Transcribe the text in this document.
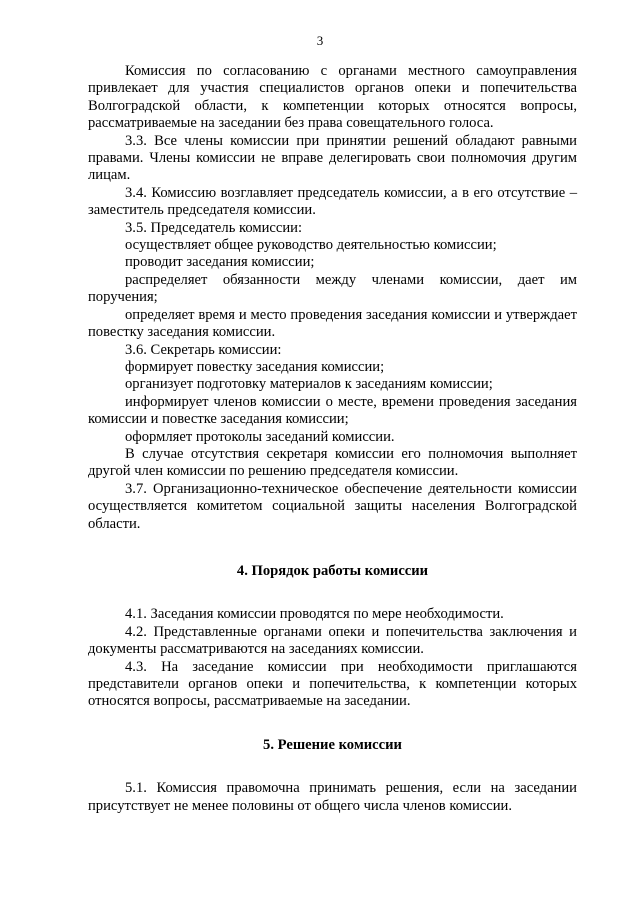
3

Комиссия по согласованию с органами местного самоуправления привлекает для участия специалистов органов опеки и попечительства Волгоградской области, к компетенции которых относятся вопросы, рассматриваемые на заседании без права совещательного голоса.

3.3. Все члены комиссии при принятии решений обладают равными правами. Члены комиссии не вправе делегировать свои полномочия другим лицам.

3.4. Комиссию возглавляет председатель комиссии, а в его отсутствие – заместитель председателя комиссии.

3.5. Председатель комиссии:

осуществляет общее руководство деятельностью комиссии;

проводит заседания комиссии;

распределяет обязанности между членами комиссии, дает им поручения;

определяет время и место проведения заседания комиссии и утверждает повестку заседания комиссии.

3.6. Секретарь комиссии:

формирует повестку заседания комиссии;

организует подготовку материалов к заседаниям комиссии;

информирует членов комиссии о месте, времени проведения заседания комиссии и повестке заседания комиссии;

оформляет протоколы заседаний комиссии.

В случае отсутствия секретаря комиссии его полномочия выполняет другой член комиссии по решению председателя комиссии.

3.7. Организационно-техническое обеспечение деятельности комиссии осуществляется комитетом социальной защиты населения Волгоградской области.

4. Порядок работы комиссии

4.1. Заседания комиссии проводятся по мере необходимости.

4.2. Представленные органами опеки и попечительства заключения и документы рассматриваются на заседаниях комиссии.

4.3. На заседание комиссии при необходимости приглашаются представители органов опеки и попечительства, к компетенции которых относятся вопросы, рассматриваемые на заседании.

5. Решение комиссии

5.1. Комиссия правомочна принимать решения, если на заседании присутствует не менее половины от общего числа членов комиссии.
